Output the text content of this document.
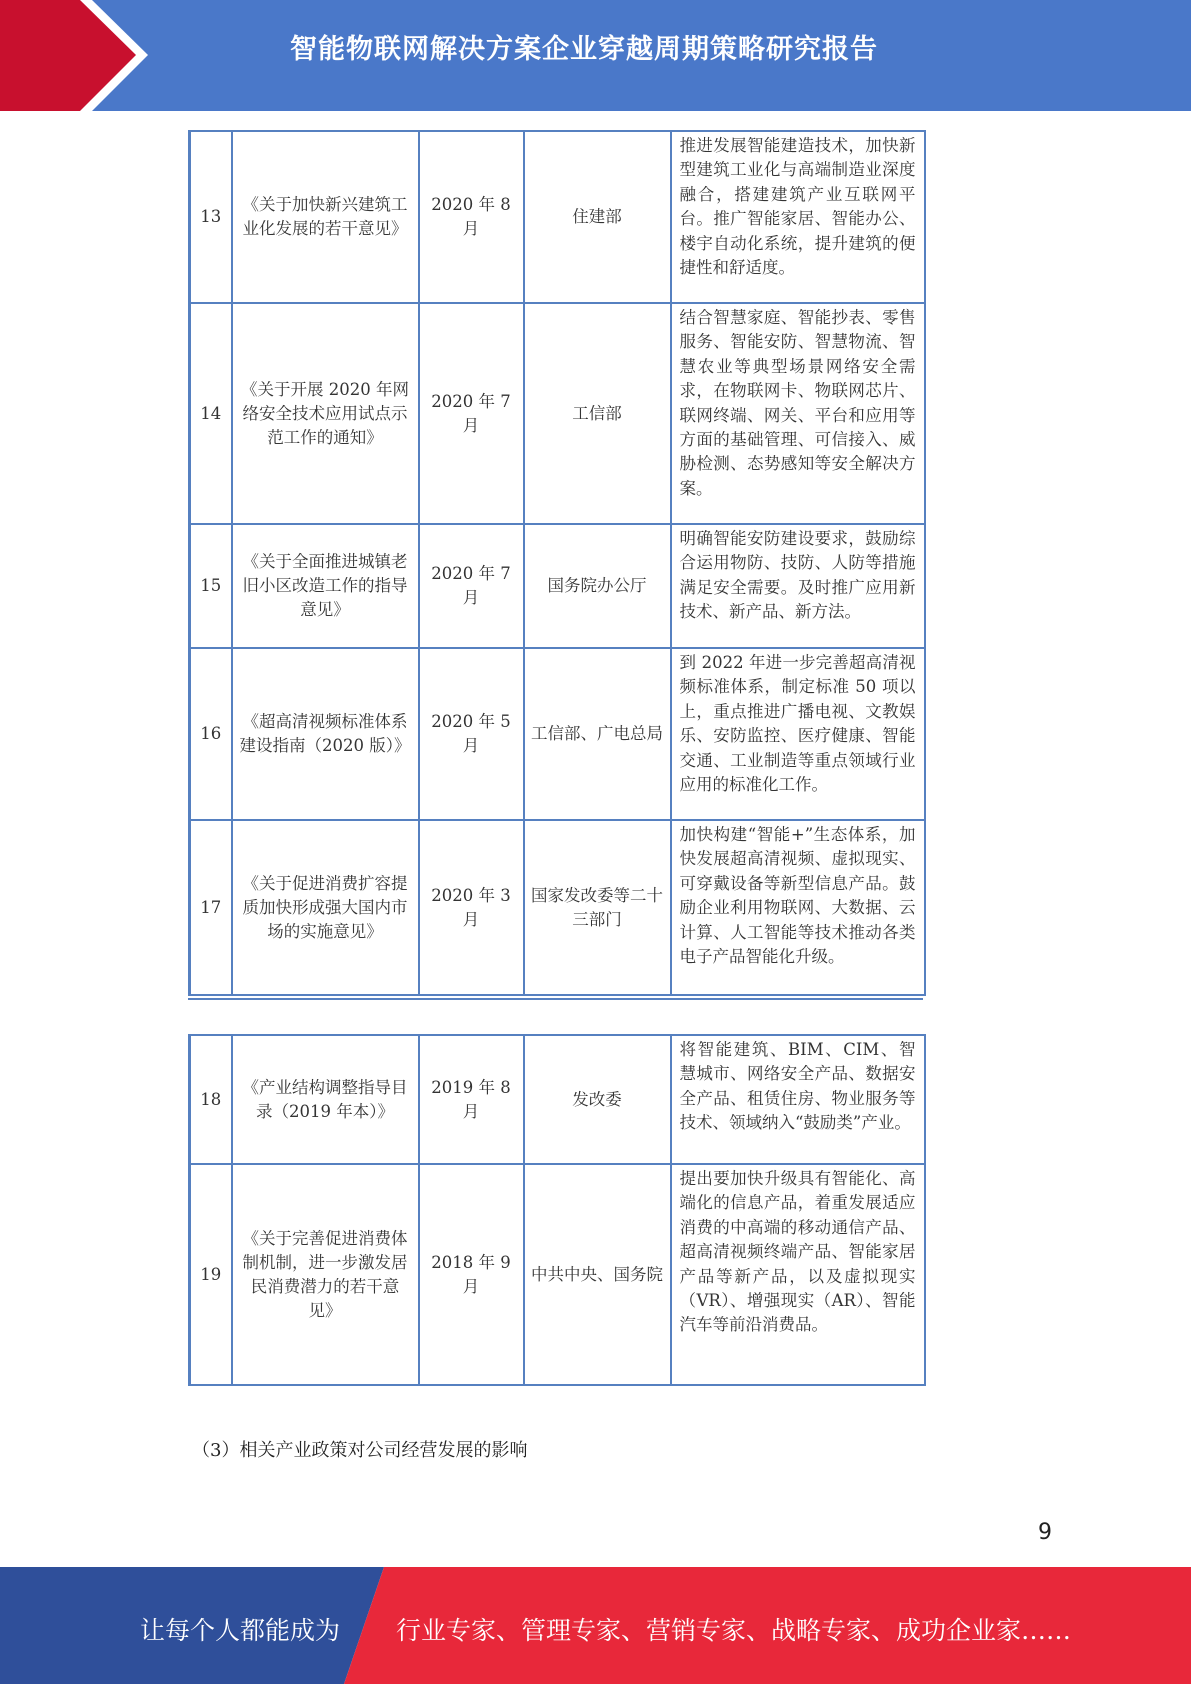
智能物联网解决方案企业穿越周期策略研究报告
13	《关于加快新兴建筑工业化发展的若干意见》	2020 年 8 月	住建部	推进发展智能建造技术，加快新型建筑工业化与高端制造业深度融合，搭建建筑产业互联网平台。推广智能家居、智能办公、楼宇自动化系统，提升建筑的便捷性和舒适度。
14	《关于开展 2020 年网络安全技术应用试点示范工作的通知》	2020 年 7 月	工信部	结合智慧家庭、智能抄表、零售服务、智能安防、智慧物流、智慧农业等典型场景网络安全需求，在物联网卡、物联网芯片、联网终端、网关、平台和应用等方面的基础管理、可信接入、威胁检测、态势感知等安全解决方案。
15	《关于全面推进城镇老旧小区改造工作的指导意见》	2020 年 7 月	国务院办公厅	明确智能安防建设要求，鼓励综合运用物防、技防、人防等措施满足安全需要。及时推广应用新技术、新产品、新方法。
16	《超高清视频标准体系建设指南（2020 版）》	2020 年 5 月	工信部、广电总局	到 2022 年进一步完善超高清视频标准体系，制定标准 50 项以上，重点推进广播电视、文教娱乐、安防监控、医疗健康、智能交通、工业制造等重点领域行业应用的标准化工作。
17	《关于促进消费扩容提质加快形成强大国内市场的实施意见》	2020 年 3 月	国家发改委等二十三部门	加快构建“智能+”生态体系，加快发展超高清视频、虚拟现实、可穿戴设备等新型信息产品。鼓励企业利用物联网、大数据、云计算、人工智能等技术推动各类电子产品智能化升级。
18	《产业结构调整指导目录（2019 年本）》	2019 年 8 月	发改委	将智能建筑、BIM、CIM、智慧城市、网络安全产品、数据安全产品、租赁住房、物业服务等技术、领域纳入“鼓励类”产业。
19	《关于完善促进消费体制机制，进一步激发居民消费潜力的若干意见》	2018 年 9 月	中共中央、国务院	提出要加快升级具有智能化、高端化的信息产品，着重发展适应消费的中高端的移动通信产品、超高清视频终端产品、智能家居产品等新产品，以及虚拟现实（VR）、增强现实（AR）、智能汽车等前沿消费品。
（3）相关产业政策对公司经营发展的影响
9
让每个人都能成为 行业专家、管理专家、营销专家、战略专家、成功企业家……
